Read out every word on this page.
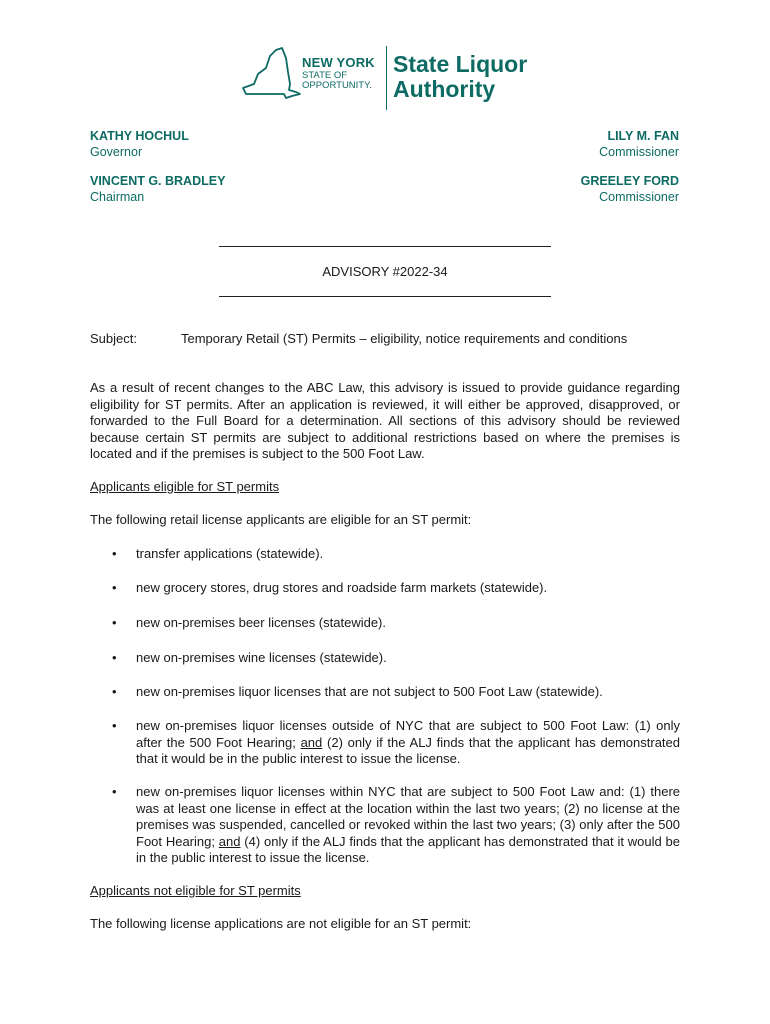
NEW YORK
STATE OF
OPPORTUNITY.
State Liquor
Authority
KATHY HOCHUL
Governor
VINCENT G. BRADLEY
Chairman
LILY M. FAN
Commissioner
GREELEY FORD
Commissioner
ADVISORY #2022-34
Subject:	Temporary Retail (ST) Permits – eligibility, notice requirements and conditions
As a result of recent changes to the ABC Law, this advisory is issued to provide guidance regarding eligibility for ST permits. After an application is reviewed, it will either be approved, disapproved, or forwarded to the Full Board for a determination. All sections of this advisory should be reviewed because certain ST permits are subject to additional restrictions based on where the premises is located and if the premises is subject to the 500 Foot Law.
Applicants eligible for ST permits
The following retail license applicants are eligible for an ST permit:
• transfer applications (statewide).
• new grocery stores, drug stores and roadside farm markets (statewide).
• new on-premises beer licenses (statewide).
• new on-premises wine licenses (statewide).
• new on-premises liquor licenses that are not subject to 500 Foot Law (statewide).
• new on-premises liquor licenses outside of NYC that are subject to 500 Foot Law: (1) only after the 500 Foot Hearing; and (2) only if the ALJ finds that the applicant has demonstrated that it would be in the public interest to issue the license.
• new on-premises liquor licenses within NYC that are subject to 500 Foot Law and: (1) there was at least one license in effect at the location within the last two years; (2) no license at the premises was suspended, cancelled or revoked within the last two years; (3) only after the 500 Foot Hearing; and (4) only if the ALJ finds that the applicant has demonstrated that it would be in the public interest to issue the license.
Applicants not eligible for ST permits
The following license applications are not eligible for an ST permit:
